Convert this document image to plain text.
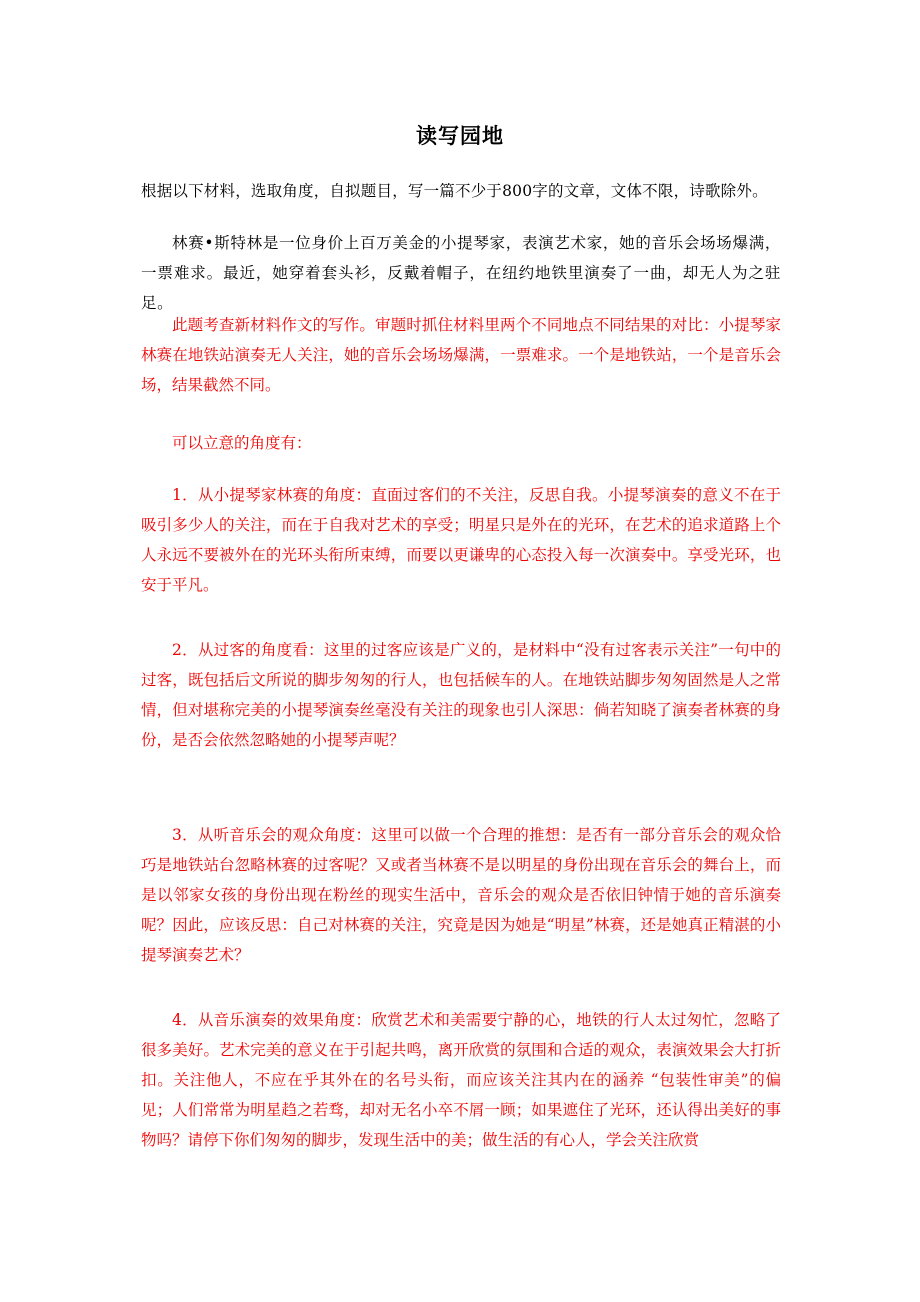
读写园地
根据以下材料，选取角度，自拟题目，写一篇不少于800字的文章，文体不限，诗歌除外。
林赛•斯特林是一位身价上百万美金的小提琴家，表演艺术家，她的音乐会场场爆满，一票难求。最近，她穿着套头衫，反戴着帽子，在纽约地铁里演奏了一曲，却无人为之驻足。
此题考查新材料作文的写作。审题时抓住材料里两个不同地点不同结果的对比：小提琴家林赛在地铁站演奏无人关注，她的音乐会场场爆满，一票难求。一个是地铁站，一个是音乐会场，结果截然不同。
可以立意的角度有：
1．从小提琴家林赛的角度：直面过客们的不关注，反思自我。小提琴演奏的意义不在于吸引多少人的关注，而在于自我对艺术的享受；明星只是外在的光环，在艺术的追求道路上个人永远不要被外在的光环头衔所束缚，而要以更谦卑的心态投入每一次演奏中。享受光环，也安于平凡。
2．从过客的角度看：这里的过客应该是广义的，是材料中“没有过客表示关注”一句中的过客，既包括后文所说的脚步匆匆的行人，也包括候车的人。在地铁站脚步匆匆固然是人之常情，但对堪称完美的小提琴演奏丝毫没有关注的现象也引人深思：倘若知晓了演奏者林赛的身份，是否会依然忽略她的小提琴声呢？
3．从听音乐会的观众角度：这里可以做一个合理的推想：是否有一部分音乐会的观众恰巧是地铁站台忽略林赛的过客呢？又或者当林赛不是以明星的身份出现在音乐会的舞台上，而是以邻家女孩的身份出现在粉丝的现实生活中，音乐会的观众是否依旧钟情于她的音乐演奏呢？因此，应该反思：自己对林赛的关注，究竟是因为她是“明星”林赛，还是她真正精湛的小提琴演奏艺术？
4．从音乐演奏的效果角度：欣赏艺术和美需要宁静的心，地铁的行人太过匆忙，忽略了很多美好。艺术完美的意义在于引起共鸣，离开欣赏的氛围和合适的观众，表演效果会大打折扣。关注他人，不应在乎其外在的名号头衔，而应该关注其内在的涵养 “包装性审美”的偏见；人们常常为明星趋之若骛，却对无名小卒不屑一顾；如果遮住了光环，还认得出美好的事物吗？请停下你们匆匆的脚步，发现生活中的美；做生活的有心人，学会关注欣赏
